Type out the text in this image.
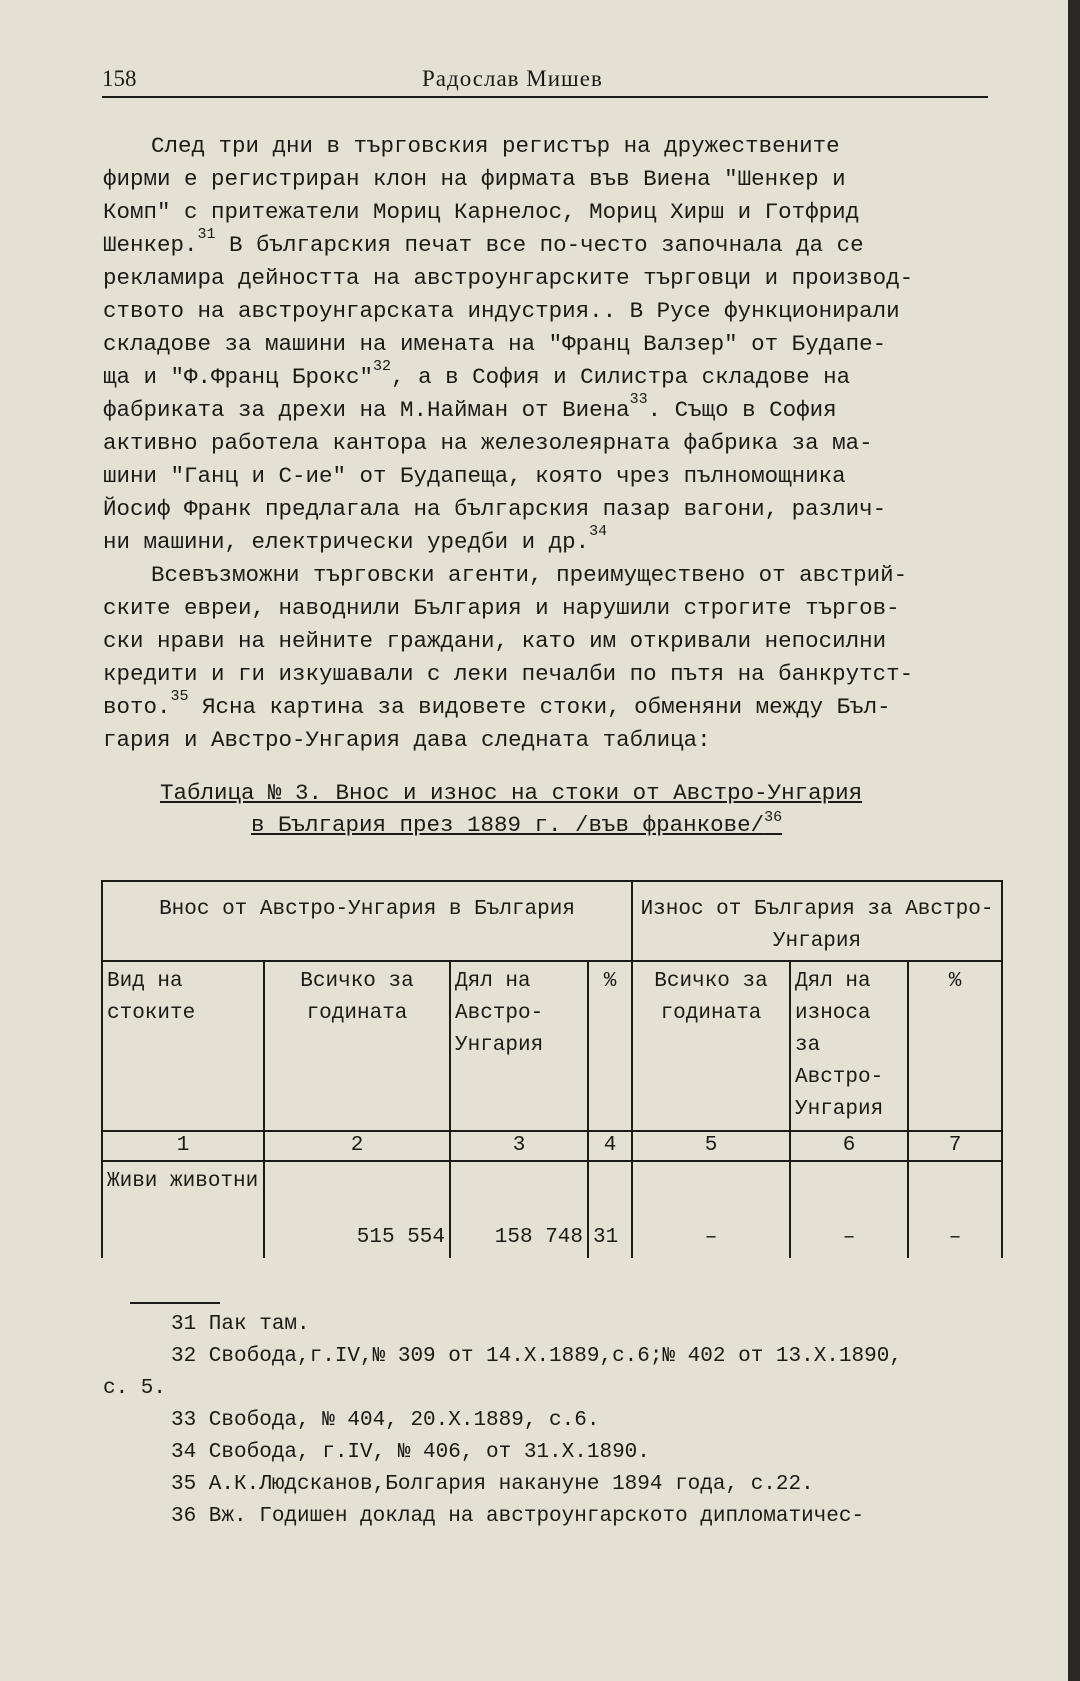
158	Радослав Мишев
След три дни в търговския регистър на дружествените
фирми е регистриран клон на фирмата във Виена "Шенкер и
Комп" с притежатели Мориц Карнелос, Мориц Хирш и Готфрид
Шенкер.$^{31}$ В българския печат все по-често започнала да се
рекламира дейността на австроунгарските търговци и производ-
ството на австроунгарската индустрия.. В Русе функционирали
складове за машини на имената на "Франц Валзер" от Будапе-
ща и "Ф.Франц Брокс"$^{32}$, а в София и Силистра складове на
фабриката за дрехи на М.Найман от Виена$^{33}$. Също в София
активно работела кантора на железолеярната фабрика за ма-
шини "Ганц и С-ие" от Будапеща, която чрез пълномощника
Йосиф Франк предлагала на българския пазар вагони, различ-
ни машини, електрически уредби и др.$^{34}$
Всевъзможни търговски агенти, преимуществено от австрий-
ските евреи, наводнили България и нарушили строгите търгов-
ски нрави на нейните граждани, като им откривали непосилни
кредити и ги изкушавали с леки печалби по пътя на банкрутст-
вото.$^{35}$ Ясна картина за видовете стоки, обменяни между Бъл-
гария и Австро-Унгария дава следната таблица:
Таблица № 3. Внос и износ на стоки от Австро-Унгария
в България през 1889 г. /във франкове/$^{36}$
Внос от Австро-Унгария в България				Износ от България за Австро-Унгария		
Вид на стоките	Всичко за годината	Дял на Австро-Унгария	%	Всичко за годината	Дял на износа за Австро-Унгария	%
1	2	3	4	5	6	7
Живи животни	515 554	158 748	31	–	–	–
31 Пак там.
32 Свобода,г.IV,№ 309 от 14.X.1889,с.6;№ 402 от 13.X.1890,
с. 5.
33 Свобода, № 404, 20.X.1889, с.6.
34 Свобода, г.IV, № 406, от 31.X.1890.
35 А.К.Людсканов,Болгария накануне 1894 года, с.22.
36 Вж. Годишен доклад на австроунгарското дипломатичес-
